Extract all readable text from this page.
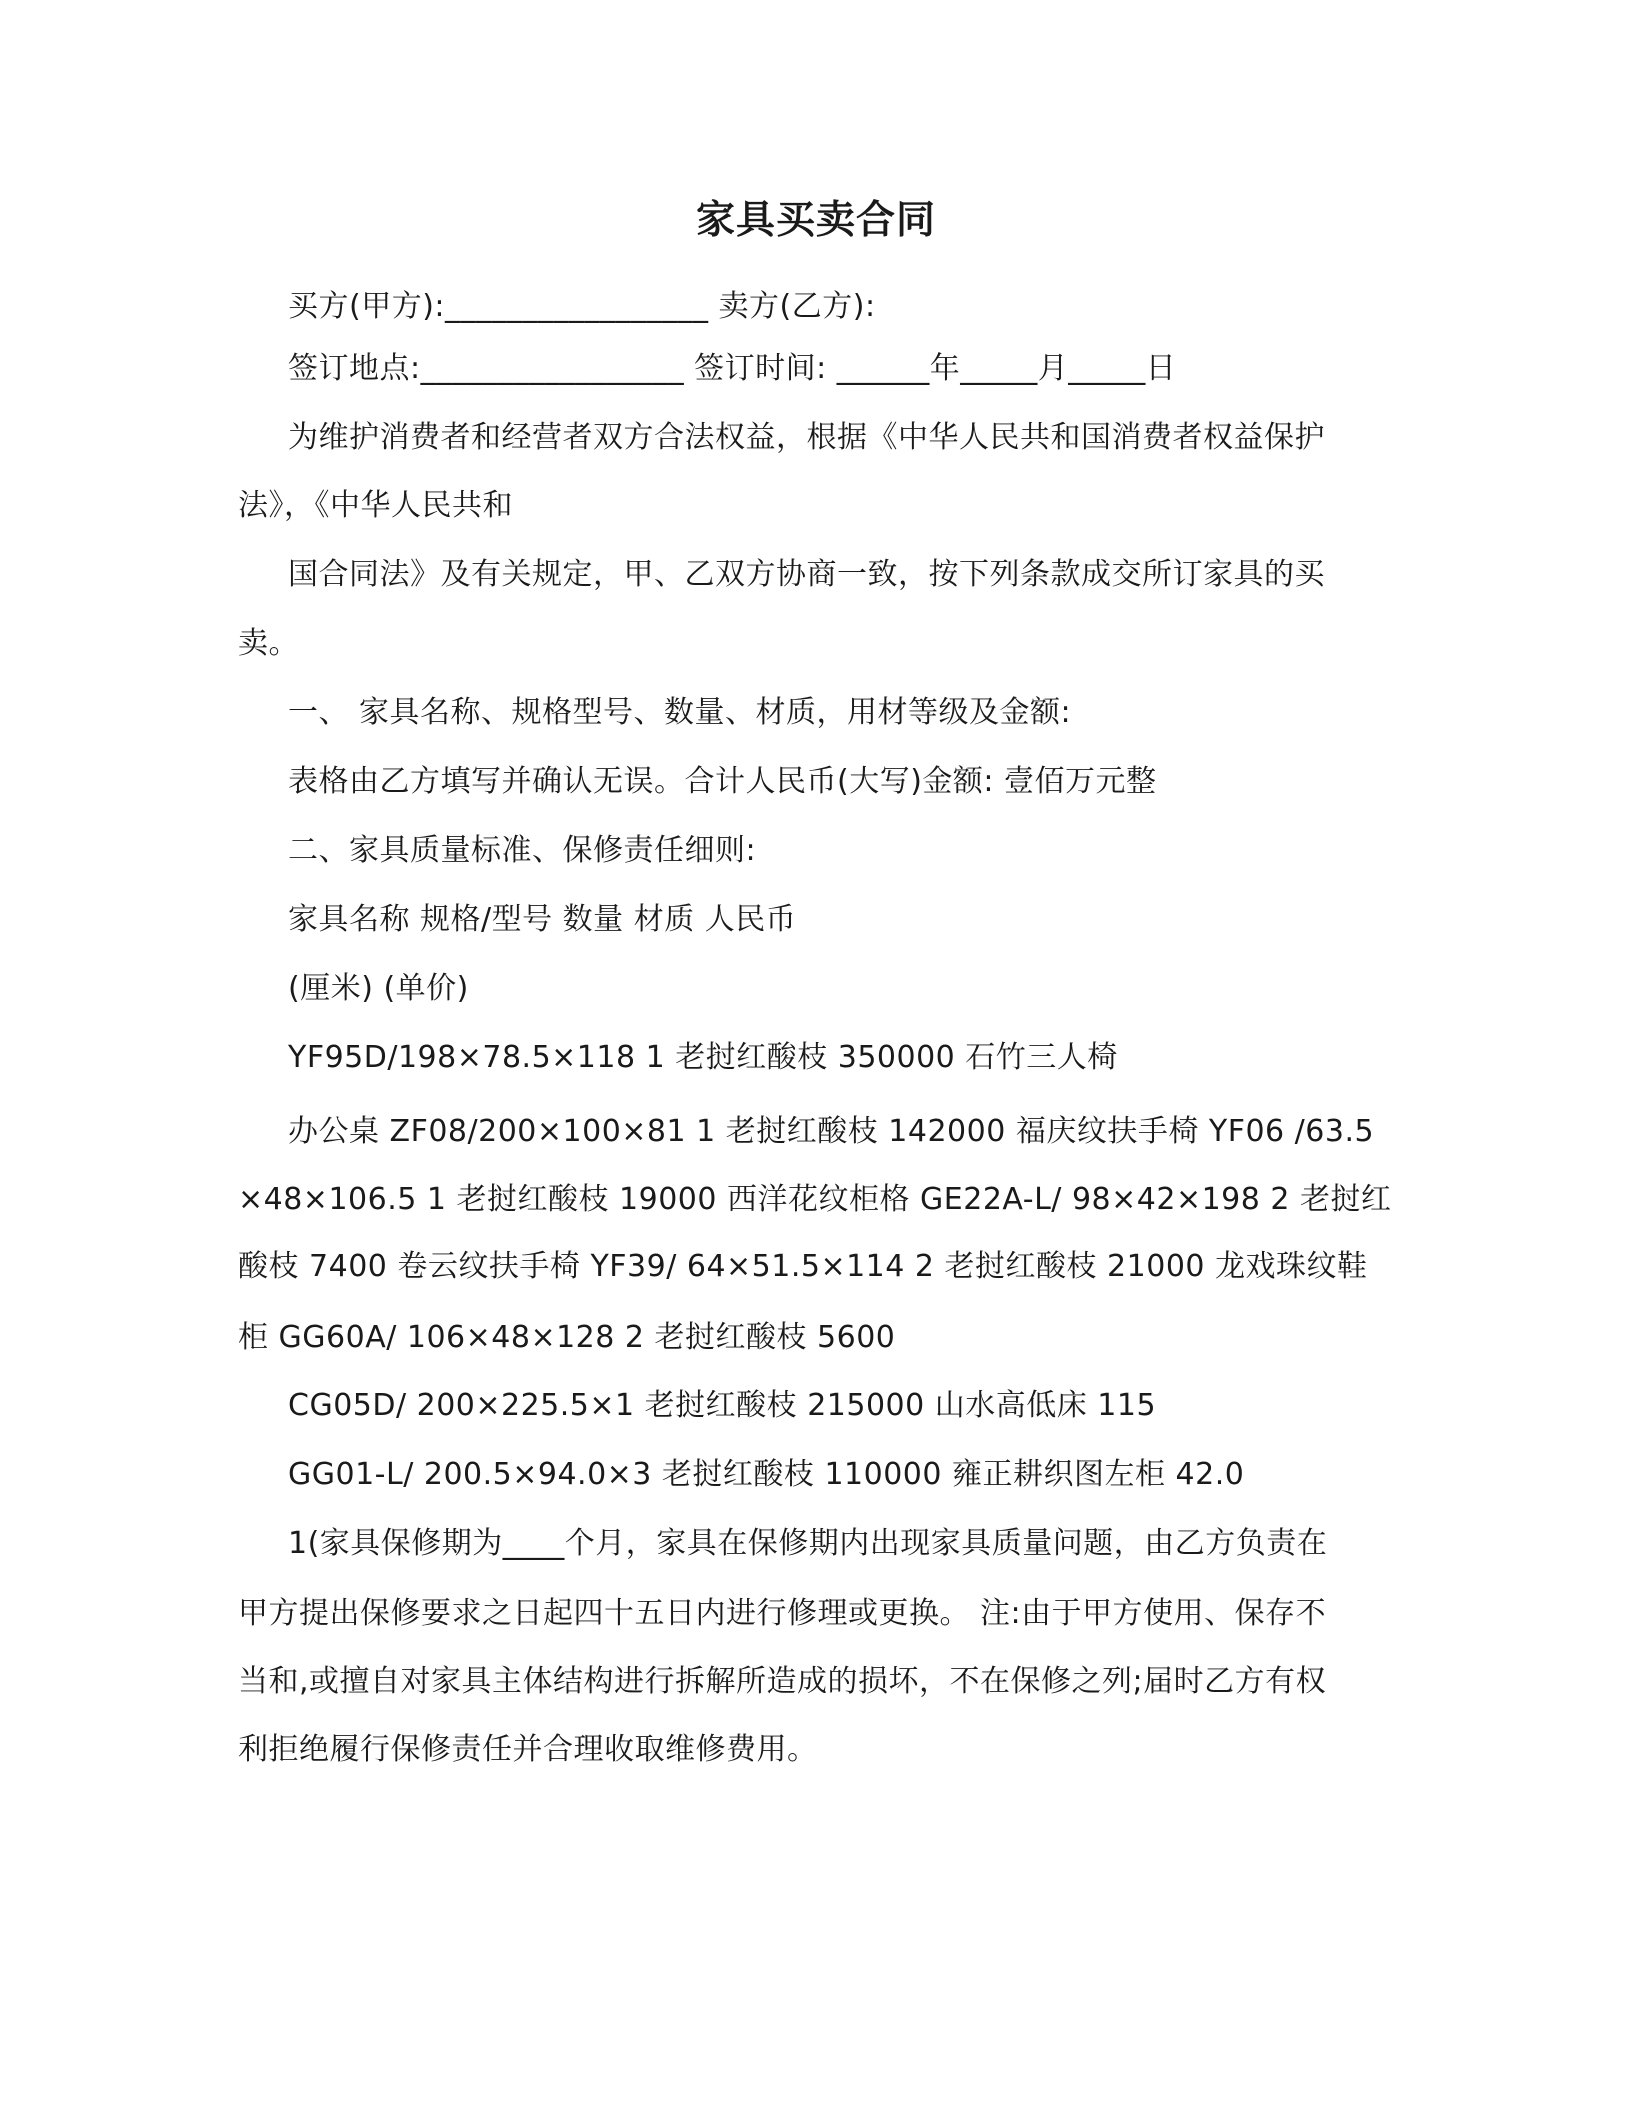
家具买卖合同
买方(甲方):_________________ 卖方(乙方):
签订地点:_________________ 签订时间: ______年_____月_____日
为维护消费者和经营者双方合法权益，根据《中华人民共和国消费者权益保护
法》，《中华人民共和
国合同法》及有关规定，甲、乙双方协商一致，按下列条款成交所订家具的买
卖。
一、 家具名称、规格型号、数量、材质，用材等级及金额:
表格由乙方填写并确认无误。合计人民币(大写)金额: 壹佰万元整
二、家具质量标准、保修责任细则:
家具名称 规格/型号 数量 材质 人民币
(厘米) (单价)
YF95D/198×78.5×118 1 老挝红酸枝 350000 石竹三人椅
办公桌 ZF08/200×100×81 1 老挝红酸枝 142000 福庆纹扶手椅 YF06 /63.5
×48×106.5 1 老挝红酸枝 19000 西洋花纹柜格 GE22A-L/ 98×42×198 2 老挝红
酸枝 7400 卷云纹扶手椅 YF39/ 64×51.5×114 2 老挝红酸枝 21000 龙戏珠纹鞋
柜 GG60A/ 106×48×128 2 老挝红酸枝 5600
CG05D/ 200×225.5×1 老挝红酸枝 215000 山水高低床 115
GG01-L/ 200.5×94.0×3 老挝红酸枝 110000 雍正耕织图左柜 42.0
1(家具保修期为____个月，家具在保修期内出现家具质量问题，由乙方负责在
甲方提出保修要求之日起四十五日内进行修理或更换。 注:由于甲方使用、保存不
当和,或擅自对家具主体结构进行拆解所造成的损坏，不在保修之列;届时乙方有权
利拒绝履行保修责任并合理收取维修费用。
